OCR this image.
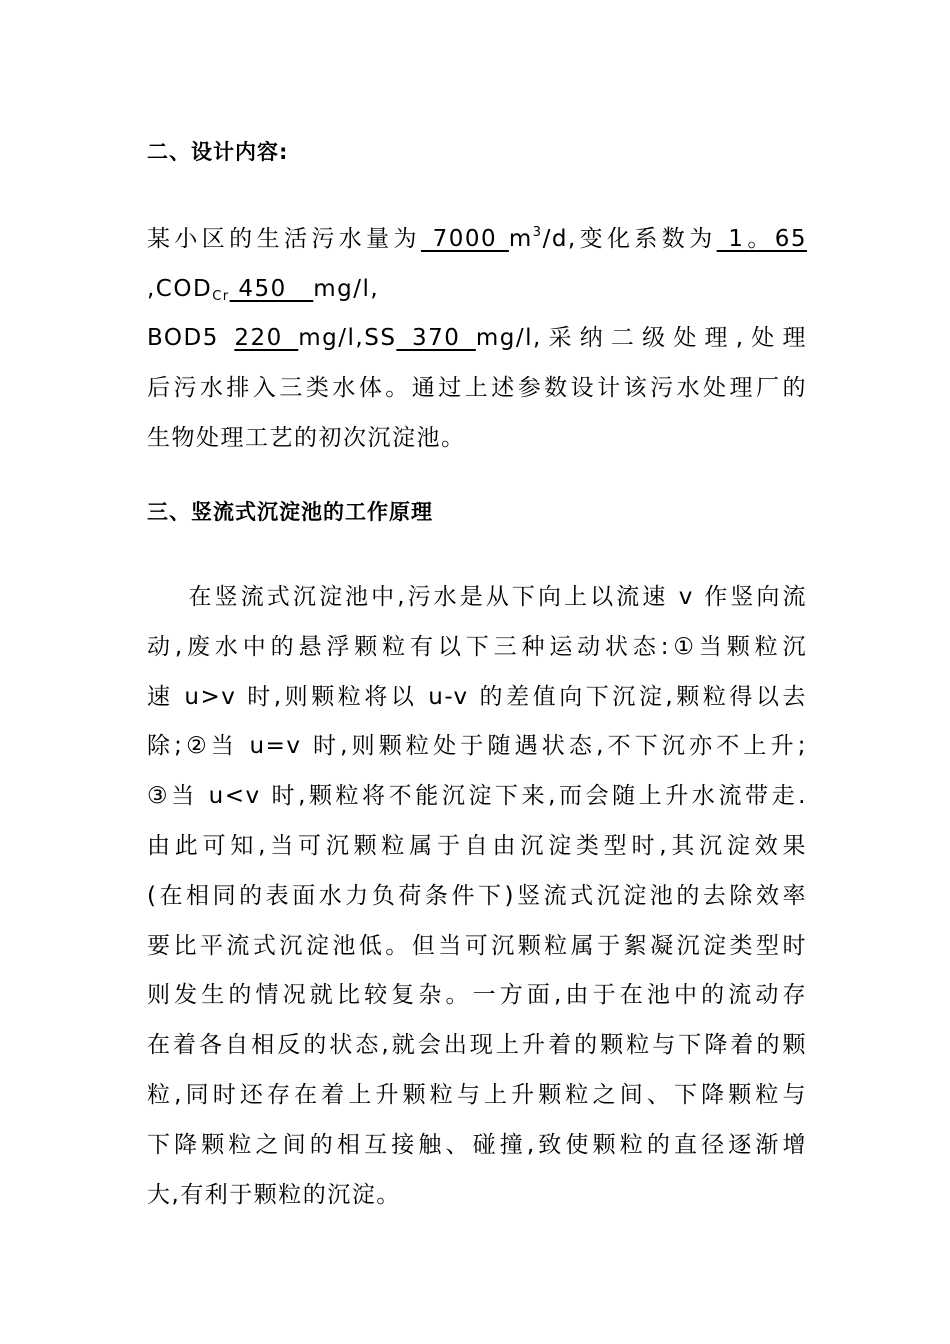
二、设计内容:
某小区的生活污水量为 7000 $m^3/d$,变化系数为 1。65
$,COD_{Cr}$ 450   mg/l,
BOD5 220 mg/l,SS 370 mg/l,采纳二级处理,处理
后污水排入三类水体。通过上述参数设计该污水处理厂的
生物处理工艺的初次沉淀池。
三、竖流式沉淀池的工作原理
在竖流式沉淀池中,污水是从下向上以流速 v 作竖向流
动,废水中的悬浮颗粒有以下三种运动状态:①当颗粒沉
速 u>v 时,则颗粒将以 u-v 的差值向下沉淀,颗粒得以去
除;②当 u=v 时,则颗粒处于随遇状态,不下沉亦不上升;
③当 u<v 时,颗粒将不能沉淀下来,而会随上升水流带走.
由此可知,当可沉颗粒属于自由沉淀类型时,其沉淀效果
(在相同的表面水力负荷条件下)竖流式沉淀池的去除效率
要比平流式沉淀池低。但当可沉颗粒属于絮凝沉淀类型时
则发生的情况就比较复杂。一方面,由于在池中的流动存
在着各自相反的状态,就会出现上升着的颗粒与下降着的颗
粒,同时还存在着上升颗粒与上升颗粒之间、下降颗粒与
下降颗粒之间的相互接触、碰撞,致使颗粒的直径逐渐增
大,有利于颗粒的沉淀。
